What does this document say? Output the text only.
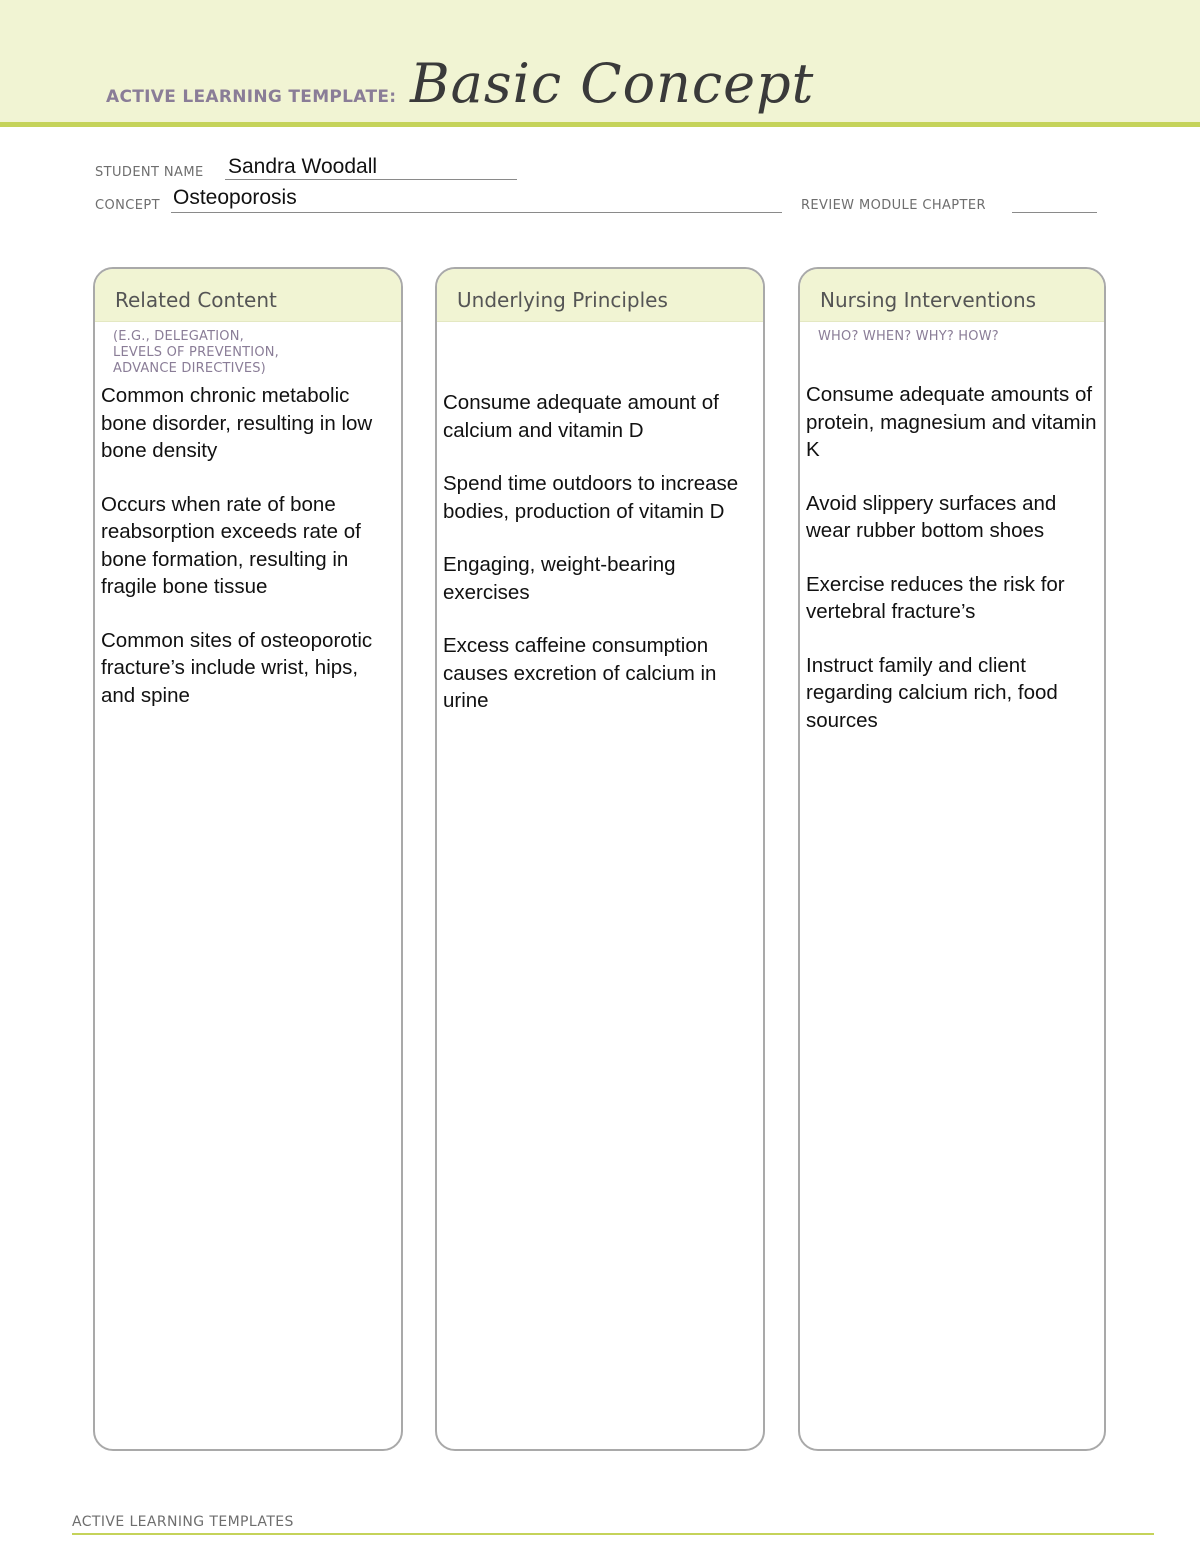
ACTIVE LEARNING TEMPLATE: Basic Concept
STUDENT NAME Sandra Woodall
CONCEPT Osteoporosis	REVIEW MODULE CHAPTER
Related Content
(E.G., DELEGATION,
LEVELS OF PREVENTION,
ADVANCE DIRECTIVES)
Common chronic metabolic bone disorder, resulting in low bone density
Occurs when rate of bone reabsorption exceeds rate of bone formation, resulting in fragile bone tissue
Common sites of osteoporotic fracture’s include wrist, hips, and spine
Underlying Principles
Consume adequate amount of calcium and vitamin D
Spend time outdoors to increase bodies, production of vitamin D
Engaging, weight-bearing exercises
Excess caffeine consumption causes excretion of calcium in urine
Nursing Interventions
WHO? WHEN? WHY? HOW?
Consume adequate amounts of protein, magnesium and vitamin K
Avoid slippery surfaces and wear rubber bottom shoes
Exercise reduces the risk for vertebral fracture’s
Instruct family and client regarding calcium rich, food sources
ACTIVE LEARNING TEMPLATES
